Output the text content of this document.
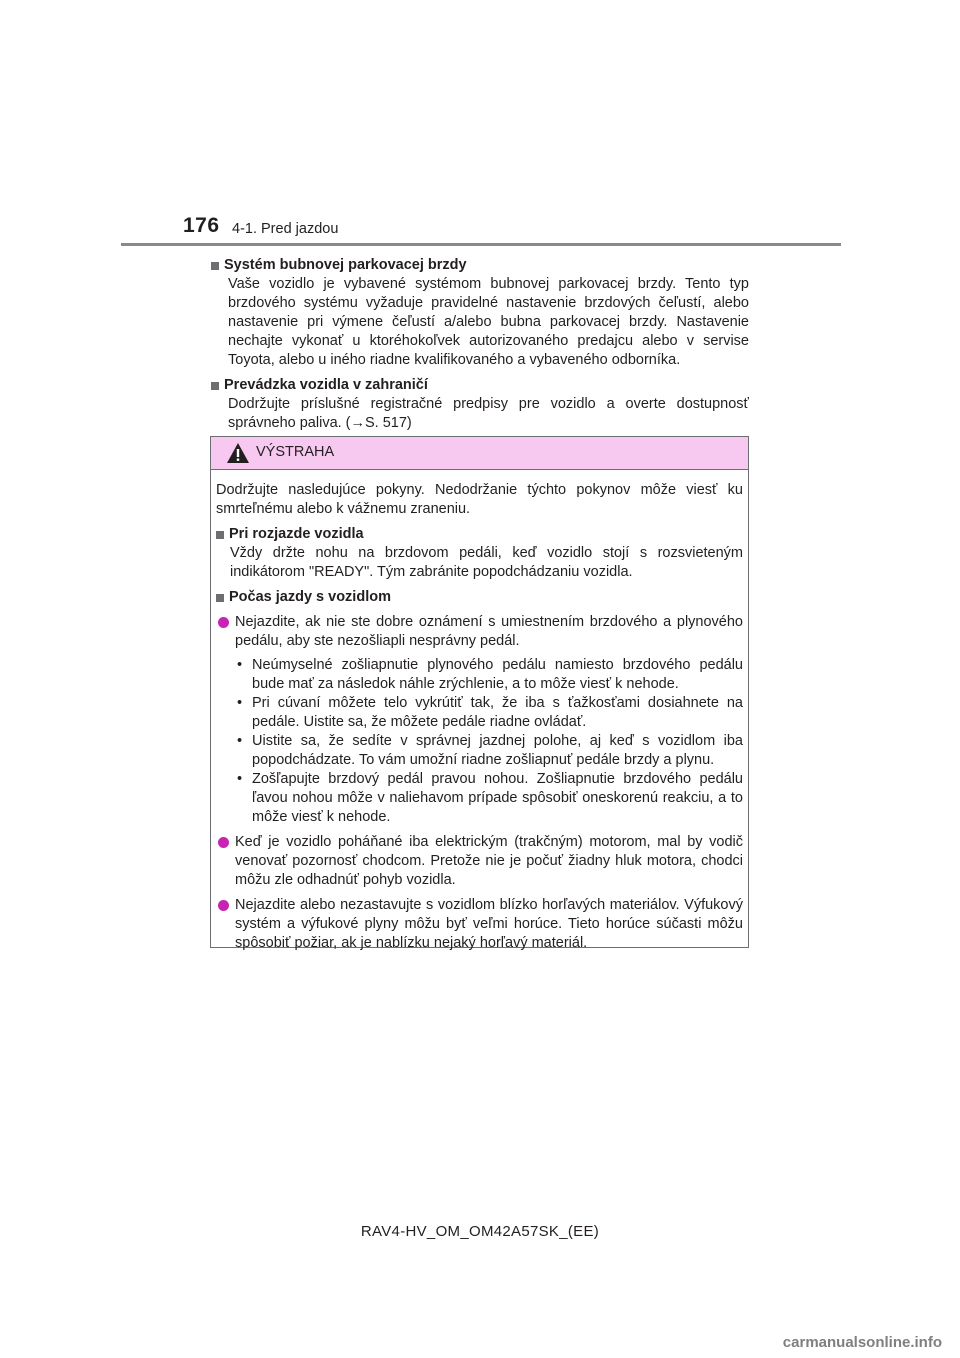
176 4-1. Pred jazdou
Systém bubnovej parkovacej brzdy
Vaše vozidlo je vybavené systémom bubnovej parkovacej brzdy. Tento typ brzdového systému vyžaduje pravidelné nastavenie brzdových čeľustí, alebo nastavenie pri výmene čeľustí a/alebo bubna parkovacej brzdy. Nastavenie nechajte vykonať u ktoréhokoľvek autorizovaného predajcu alebo v servise Toyota, alebo u iného riadne kvalifikovaného a vybaveného odborníka.
Prevádzka vozidla v zahraničí
Dodržujte príslušné registračné predpisy pre vozidlo a overte dostupnosť správneho paliva. (→S. 517)
VÝSTRAHA
Dodržujte nasledujúce pokyny. Nedodržanie týchto pokynov môže viesť ku smrteľnému alebo k vážnemu zraneniu.
Pri rozjazde vozidla
Vždy držte nohu na brzdovom pedáli, keď vozidlo stojí s rozsvieteným indikátorom "READY". Tým zabránite popodchádzaniu vozidla.
Počas jazdy s vozidlom
Nejazdite, ak nie ste dobre oznámení s umiestnením brzdového a plynového pedálu, aby ste nezošliapli nesprávny pedál.
• Neúmyselné zošliapnutie plynového pedálu namiesto brzdového pedálu bude mať za následok náhle zrýchlenie, a to môže viesť k nehode.
• Pri cúvaní môžete telo vykrútiť tak, že iba s ťažkosťami dosiahnete na pedále. Uistite sa, že môžete pedále riadne ovládať.
• Uistite sa, že sedíte v správnej jazdnej polohe, aj keď s vozidlom iba popodchádzate. To vám umožní riadne zošliapnuť pedále brzdy a plynu.
• Zošľapujte brzdový pedál pravou nohou. Zošliapnutie brzdového pedálu ľavou nohou môže v naliehavom prípade spôsobiť oneskorenú reakciu, a to môže viesť k nehode.
Keď je vozidlo poháňané iba elektrickým (trakčným) motorom, mal by vodič venovať pozornosť chodcom. Pretože nie je počuť žiadny hluk motora, chodci môžu zle odhadnúť pohyb vozidla.
Nejazdite alebo nezastavujte s vozidlom blízko horľavých materiálov. Výfukový systém a výfukové plyny môžu byť veľmi horúce. Tieto horúce súčasti môžu spôsobiť požiar, ak je nablízku nejaký horľavý materiál.
RAV4-HV_OM_OM42A57SK_(EE)
carmanualsonline.info
